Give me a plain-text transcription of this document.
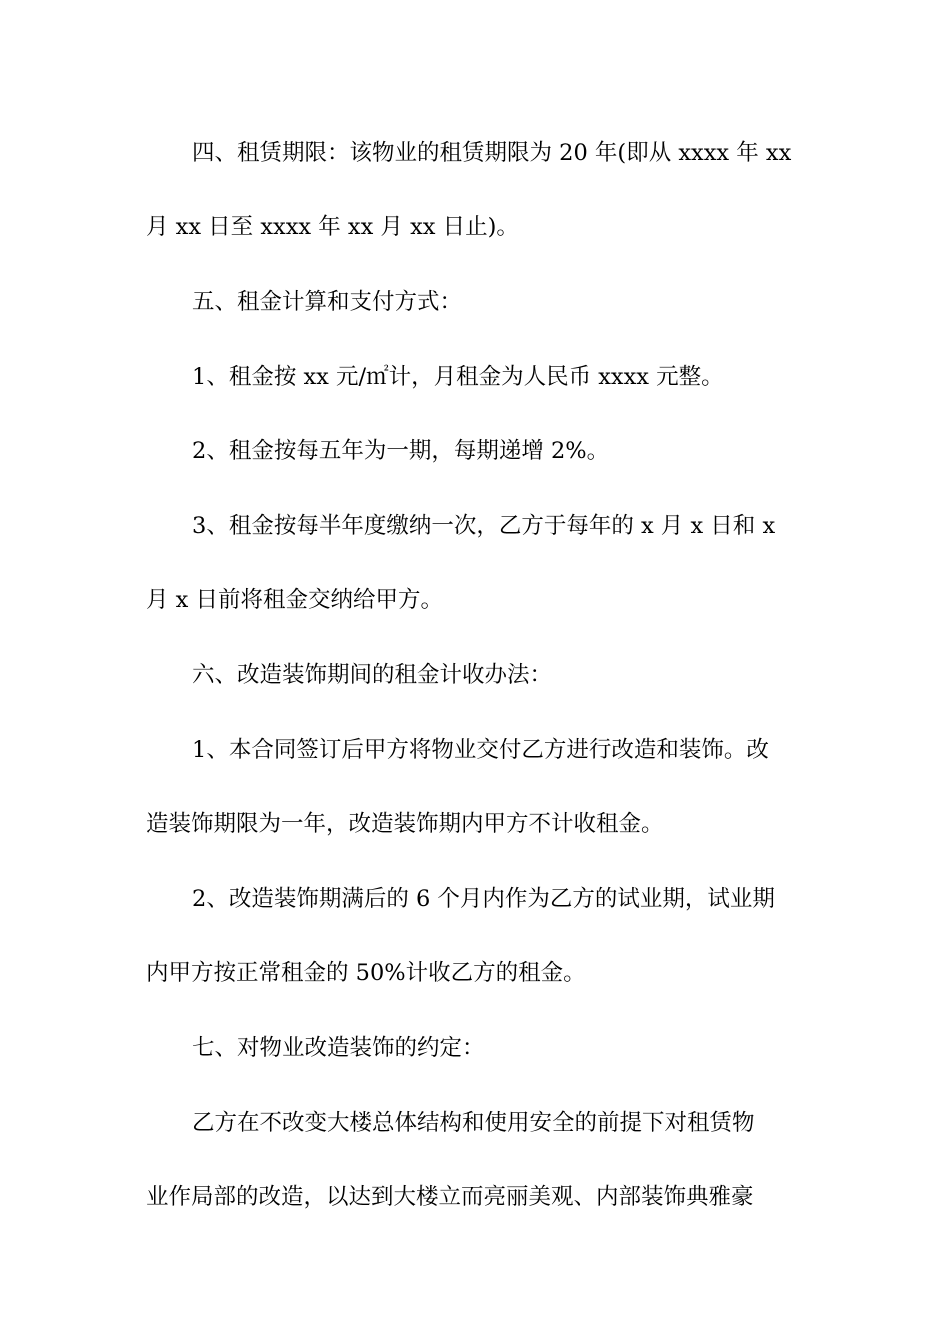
四、租赁期限：该物业的租赁期限为 20 年(即从 xxxx 年 xx
月 xx 日至 xxxx 年 xx 月 xx 日止)。
五、租金计算和支付方式：
1、租金按 xx 元/㎡计，月租金为人民币 xxxx 元整。
2、租金按每五年为一期，每期递增 2%。
3、租金按每半年度缴纳一次，乙方于每年的 x 月 x 日和 x
月 x 日前将租金交纳给甲方。
六、改造装饰期间的租金计收办法：
1、本合同签订后甲方将物业交付乙方进行改造和装饰。改
造装饰期限为一年，改造装饰期内甲方不计收租金。
2、改造装饰期满后的 6 个月内作为乙方的试业期，试业期
内甲方按正常租金的 50%计收乙方的租金。
七、对物业改造装饰的约定：
乙方在不改变大楼总体结构和使用安全的前提下对租赁物
业作局部的改造，以达到大楼立而亮丽美观、内部装饰典雅豪
